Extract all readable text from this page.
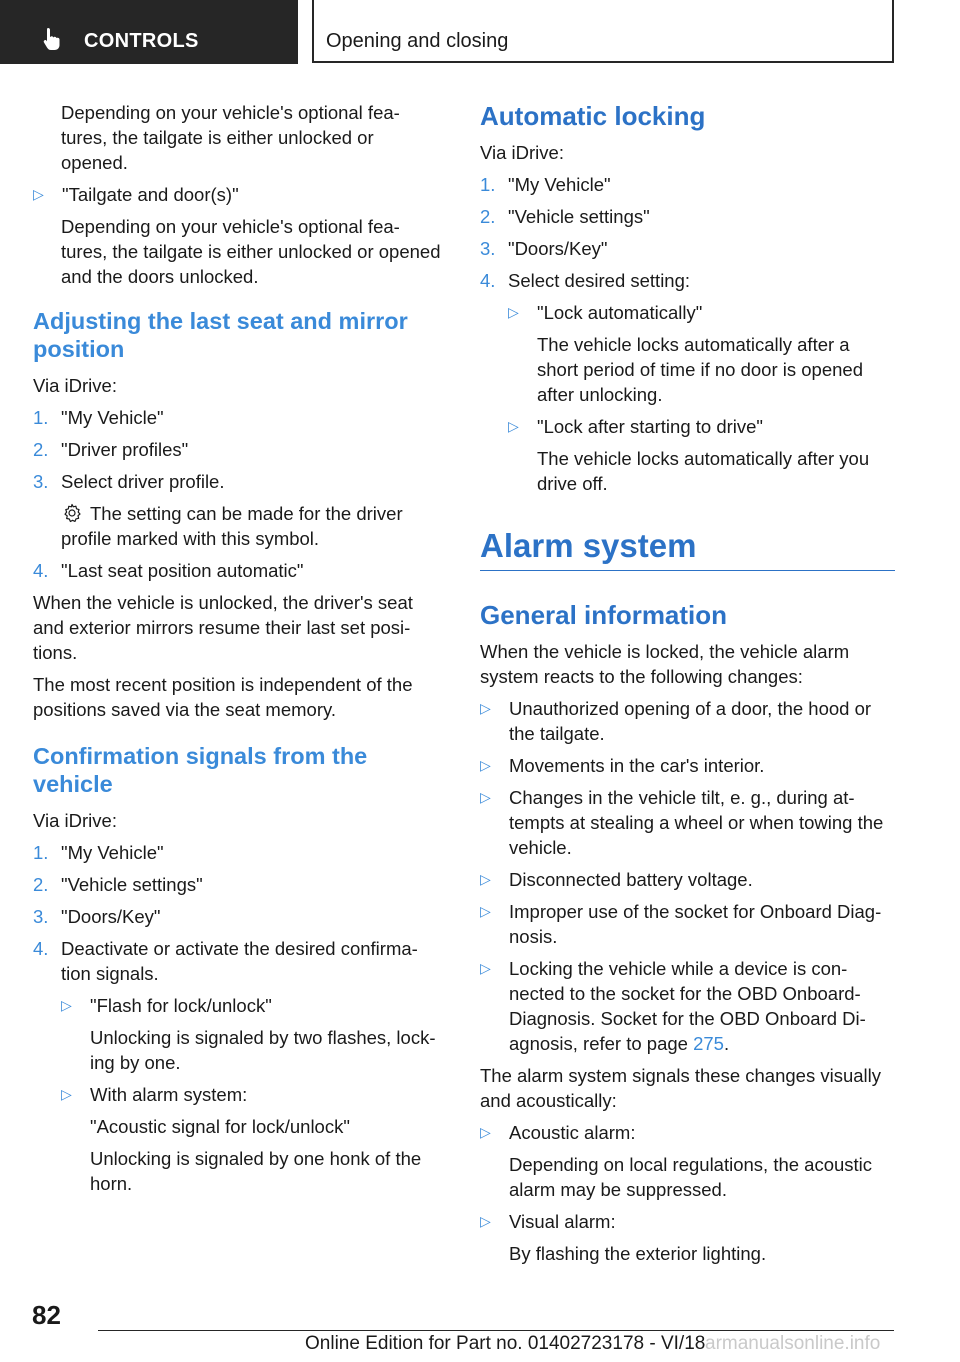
CONTROLS	Opening and closing

Depending on your vehicle's optional fea-tures, the tailgate is either unlocked or opened.

▷ "Tailgate and door(s)"

Depending on your vehicle's optional fea-tures, the tailgate is either unlocked or opened and the doors unlocked.

Adjusting the last seat and mirror position

Via iDrive:

1. "My Vehicle"
2. "Driver profiles"
3. Select driver profile.

The setting can be made for the driver profile marked with this symbol.

4. "Last seat position automatic"

When the vehicle is unlocked, the driver's seat and exterior mirrors resume their last set posi-tions.

The most recent position is independent of the positions saved via the seat memory.

Confirmation signals from the vehicle

Via iDrive:

1. "My Vehicle"
2. "Vehicle settings"
3. "Doors/Key"
4. Deactivate or activate the desired confirma-tion signals.
▷ "Flash for lock/unlock"

Unlocking is signaled by two flashes, lock-ing by one.

▷ With alarm system:

"Acoustic signal for lock/unlock"

Unlocking is signaled by one honk of the horn.

Automatic locking

Via iDrive:

1. "My Vehicle"
2. "Vehicle settings"
3. "Doors/Key"
4. Select desired setting:
▷ "Lock automatically"

The vehicle locks automatically after a short period of time if no door is opened after unlocking.

▷ "Lock after starting to drive"

The vehicle locks automatically after you drive off.

Alarm system
General information

When the vehicle is locked, the vehicle alarm system reacts to the following changes:

▷ Unauthorized opening of a door, the hood or the tailgate.
▷ Movements in the car's interior.
▷ Changes in the vehicle tilt, e. g., during at-tempts at stealing a wheel or when towing the vehicle.
▷ Disconnected battery voltage.
▷ Improper use of the socket for Onboard Diag-nosis.
▷ Locking the vehicle while a device is con-nected to the socket for the OBD Onboard-Diagnosis. Socket for the OBD Onboard Di-agnosis, refer to page 275.

The alarm system signals these changes visually and acoustically:

▷ Acoustic alarm:

Depending on local regulations, the acoustic alarm may be suppressed.

▷ Visual alarm:

By flashing the exterior lighting.

82
Online Edition for Part no. 01402723178 - VI/18 armanualsonline.info
